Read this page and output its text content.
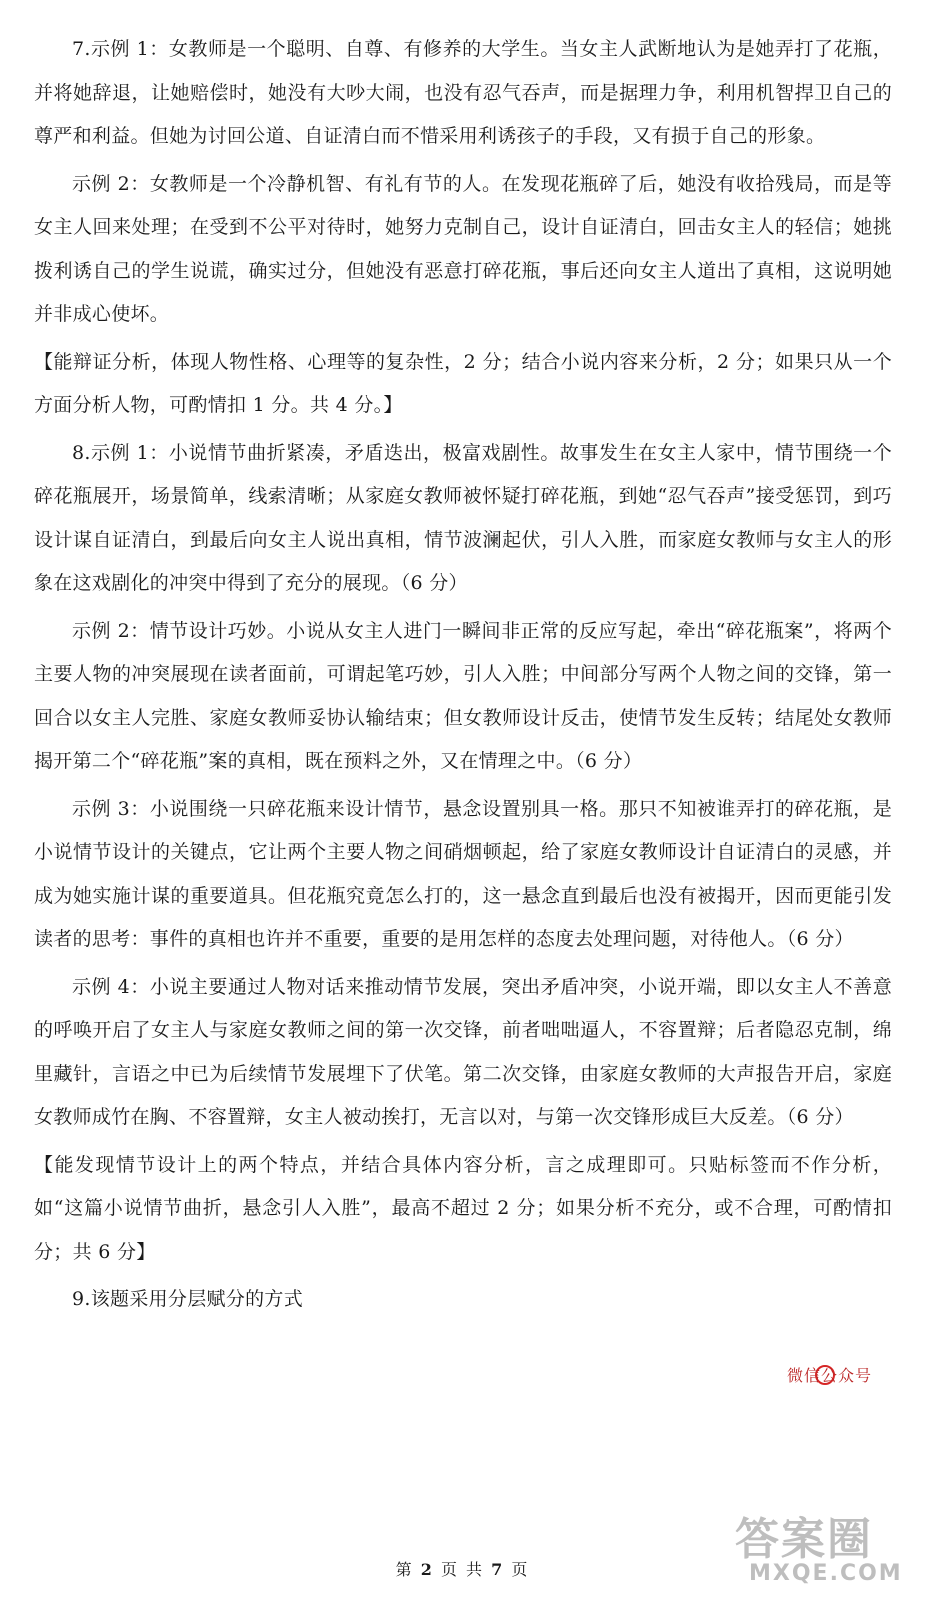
7.示例 1：女教师是一个聪明、自尊、有修养的大学生。当女主人武断地认为是她弄打了花瓶，并将她辞退，让她赔偿时，她没有大吵大闹，也没有忍气吞声，而是据理力争，利用机智捍卫自己的尊严和利益。但她为讨回公道、自证清白而不惜采用利诱孩子的手段，又有损于自己的形象。

示例 2：女教师是一个冷静机智、有礼有节的人。在发现花瓶碎了后，她没有收拾残局，而是等女主人回来处理；在受到不公平对待时，她努力克制自己，设计自证清白，回击女主人的轻信；她挑拨利诱自己的学生说谎，确实过分，但她没有恶意打碎花瓶，事后还向女主人道出了真相，这说明她并非成心使坏。

【能辩证分析，体现人物性格、心理等的复杂性，2 分；结合小说内容来分析，2 分；如果只从一个方面分析人物，可酌情扣 1 分。共 4 分。】

8.示例 1：小说情节曲折紧凑，矛盾迭出，极富戏剧性。故事发生在女主人家中，情节围绕一个碎花瓶展开，场景简单，线索清晰；从家庭女教师被怀疑打碎花瓶，到她“忍气吞声”接受惩罚，到巧设计谋自证清白，到最后向女主人说出真相，情节波澜起伏，引人入胜，而家庭女教师与女主人的形象在这戏剧化的冲突中得到了充分的展现。（6 分）

示例 2：情节设计巧妙。小说从女主人进门一瞬间非正常的反应写起，牵出“碎花瓶案”，将两个主要人物的冲突展现在读者面前，可谓起笔巧妙，引人入胜；中间部分写两个人物之间的交锋，第一回合以女主人完胜、家庭女教师妥协认输结束；但女教师设计反击，使情节发生反转；结尾处女教师揭开第二个“碎花瓶”案的真相，既在预料之外，又在情理之中。（6 分）

示例 3：小说围绕一只碎花瓶来设计情节，悬念设置别具一格。那只不知被谁弄打的碎花瓶，是小说情节设计的关键点，它让两个主要人物之间硝烟顿起，给了家庭女教师设计自证清白的灵感，并成为她实施计谋的重要道具。但花瓶究竟怎么打的，这一悬念直到最后也没有被揭开，因而更能引发读者的思考：事件的真相也许并不重要，重要的是用怎样的态度去处理问题，对待他人。（6 分）

示例 4：小说主要通过人物对话来推动情节发展，突出矛盾冲突，小说开端，即以女主人不善意的呼唤开启了女主人与家庭女教师之间的第一次交锋，前者咄咄逼人，不容置辩；后者隐忍克制，绵里藏针，言语之中已为后续情节发展埋下了伏笔。第二次交锋，由家庭女教师的大声报告开启，家庭女教师成竹在胸、不容置辩，女主人被动挨打，无言以对，与第一次交锋形成巨大反差。（6 分）

【能发现情节设计上的两个特点，并结合具体内容分析，言之成理即可。只贴标签而不作分析，如“这篇小说情节曲折，悬念引人入胜”，最高不超过 2 分；如果分析不充分，或不合理，可酌情扣分；共 6 分】

9.该题采用分层赋分的方式

微信公众号
第 2 页 共 7 页
答案圈
MXQE.COM
